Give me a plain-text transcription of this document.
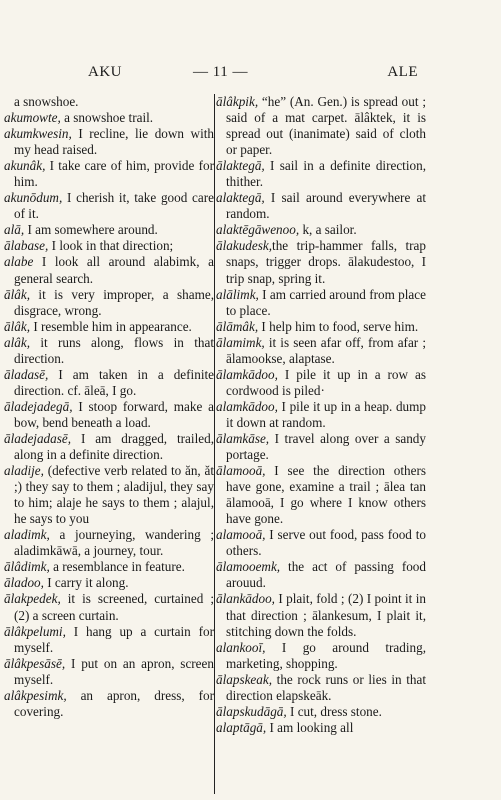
AKU	— 11 —	ALE

a snowshoe.

akumowte, a snowshoe trail.

akumkwesin, I recline, lie down with my head raised.

akunâk, I take care of him, provide for him.

akunōdum, I cherish it, take good care of it.

alā, I am somewhere around.

ālabase, I look in that direction;

alabe I look all around alabimk, a general search.

ālâk, it is very improper, a shame, disgrace, wrong.

ālâk, I resemble him in appearance.

alâk, it runs along, flows in that direction.

āladasē, I am taken in a definite direction. cf. āleā, I go.

āladejadegā, I stoop forward, make a bow, bend beneath a load.

āladejadasē, I am dragged, trailed, along in a definite direction.

aladije, (defective verb related to ăn, ăt ;) they say to them ; aladijul, they say to him; alaje he says to them ; alajul, he says to you

aladimk, a journeying, wandering ; aladimkāwā, a journey, tour.

ālâdimk, a resemblance in feature.

āladoo, I carry it along.

ālakpedek, it is screened, curtained ; (2) a screen curtain.

ālâkpelumi, I hang up a curtain for myself.

ālâkpesāsē, I put on an apron, screen myself.

alâkpesimk, an apron, dress, for covering.

ālâkpik, “he” (An. Gen.) is spread out ; said of a mat carpet. ālâktek, it is spread out (inanimate) said of cloth or paper.

ālaktegā, I sail in a definite direction, thither.

alaktegā, I sail around everywhere at random.

alaktēgāwenoo, k, a sailor.

ālakudesk,the trip-hammer falls, trap snaps, trigger drops. ālakudestoo, I trip snap, spring it.

alālimk, I am carried around from place to place.

ālāmâk, I help him to food, serve him.

ālamimk, it is seen afar off, from afar ; ālamookse, alaptase.

ālamkādoo, I pile it up in a row as cordwood is piled·

alamkādoo, I pile it up in a heap. dump it down at random.

ālamkāse, I travel along over a sandy portage.

ālamooā, I see the direction others have gone, examine a trail ; ālea tan ālamooā, I go where I know others have gone.

alamooā, I serve out food, pass food to others.

ālamooemk, the act of passing food arouud.

ālankādoo, I plait, fold ; (2) I point it in that direction ; ālankesum, I plait it, stitching down the folds.

alankooī, I go around trading, marketing, shopping.

ālapskeak, the rock runs or lies in that direction elapskeāk.

ālapskudāgā, I cut, dress stone.

alaptāgā, I am looking all
